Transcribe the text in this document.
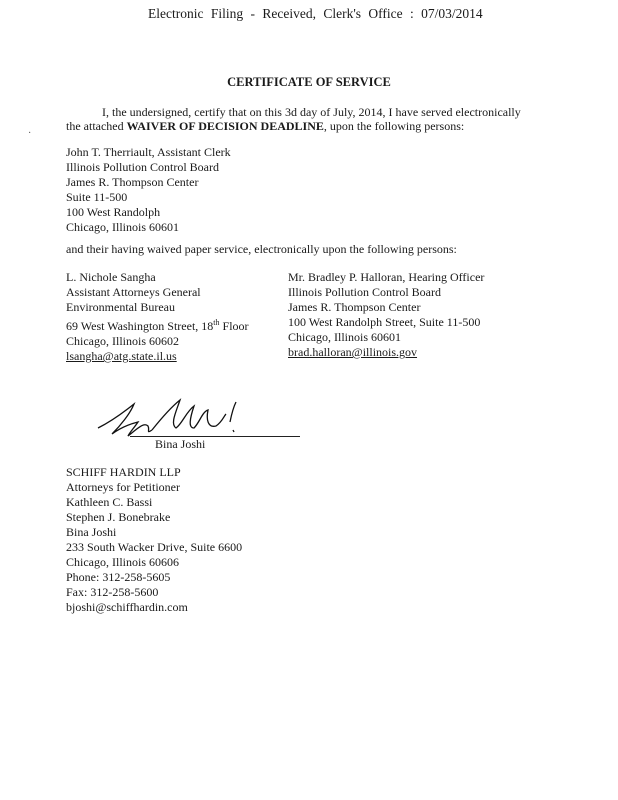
Electronic Filing - Received, Clerk's Office : 07/03/2014
CERTIFICATE OF SERVICE
I, the undersigned, certify that on this 3d day of July, 2014, I have served electronically
the attached WAIVER OF DECISION DEADLINE, upon the following persons:
·
John T. Therriault, Assistant Clerk
Illinois Pollution Control Board
James R. Thompson Center
Suite 11-500
100 West Randolph
Chicago, Illinois 60601
and their having waived paper service, electronically upon the following persons:
L. Nichole Sangha
Assistant Attorneys General
Environmental Bureau
69 West Washington Street, 18th Floor
Chicago, Illinois 60602
lsangha@atg.state.il.us
Mr. Bradley P. Halloran, Hearing Officer
Illinois Pollution Control Board
James R. Thompson Center
100 West Randolph Street, Suite 11-500
Chicago, Illinois 60601
brad.halloran@illinois.gov
Bina Joshi
SCHIFF HARDIN LLP
Attorneys for Petitioner
Kathleen C. Bassi
Stephen J. Bonebrake
Bina Joshi
233 South Wacker Drive, Suite 6600
Chicago, Illinois 60606
Phone: 312-258-5605
Fax: 312-258-5600
bjoshi@schiffhardin.com
